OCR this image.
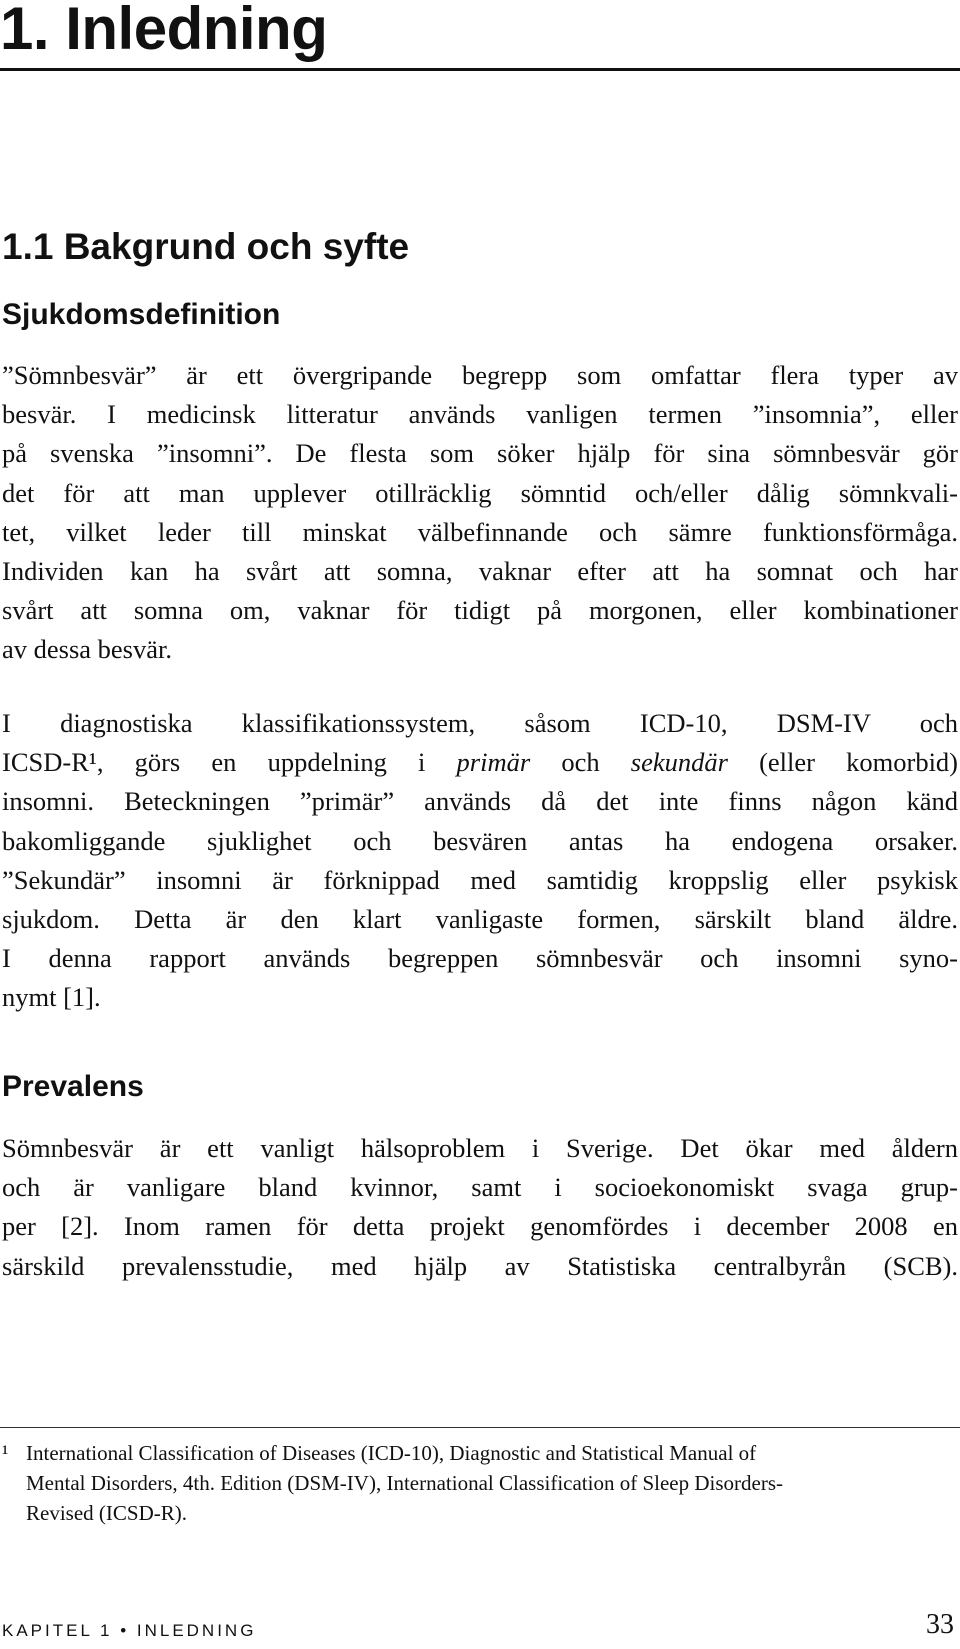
1. Inledning
1.1 Bakgrund och syfte
Sjukdomsdefinition
”Sömnbesvär” är ett övergripande begrepp som omfattar flera typer av
besvär. I medicinsk litteratur används vanligen termen ”insomnia”, eller
på svenska ”insomni”. De flesta som söker hjälp för sina sömnbesvär gör
det för att man upplever otillräcklig sömntid och/eller dålig sömnkvali-
tet, vilket leder till minskat välbefinnande och sämre funktionsförmåga.
Individen kan ha svårt att somna, vaknar efter att ha somnat och har
svårt att somna om, vaknar för tidigt på morgonen, eller kombinationer
av dessa besvär.
I diagnostiska klassifikationssystem, såsom ICD-10, DSM-IV och
ICSD-R¹, görs en uppdelning i primär och sekundär (eller komorbid)
insomni. Beteckningen ”primär” används då det inte finns någon känd
bakomliggande sjuklighet och besvären antas ha endogena orsaker.
”Sekundär” insomni är förknippad med samtidig kroppslig eller psykisk
sjukdom. Detta är den klart vanligaste formen, särskilt bland äldre.
I denna rapport används begreppen sömnbesvär och insomni syno-
nymt [1].
Prevalens
Sömnbesvär är ett vanligt hälsoproblem i Sverige. Det ökar med åldern
och är vanligare bland kvinnor, samt i socioekonomiskt svaga grup-
per [2]. Inom ramen för detta projekt genomfördes i december 2008 en
särskild prevalensstudie, med hjälp av Statistiska centralbyrån (SCB).
¹ International Classification of Diseases (ICD-10), Diagnostic and Statistical Manual of
Mental Disorders, 4th. Edition (DSM-IV), International Classification of Sleep Disorders-
Revised (ICSD-R).
KAPITEL 1 • INLEDNING	33
